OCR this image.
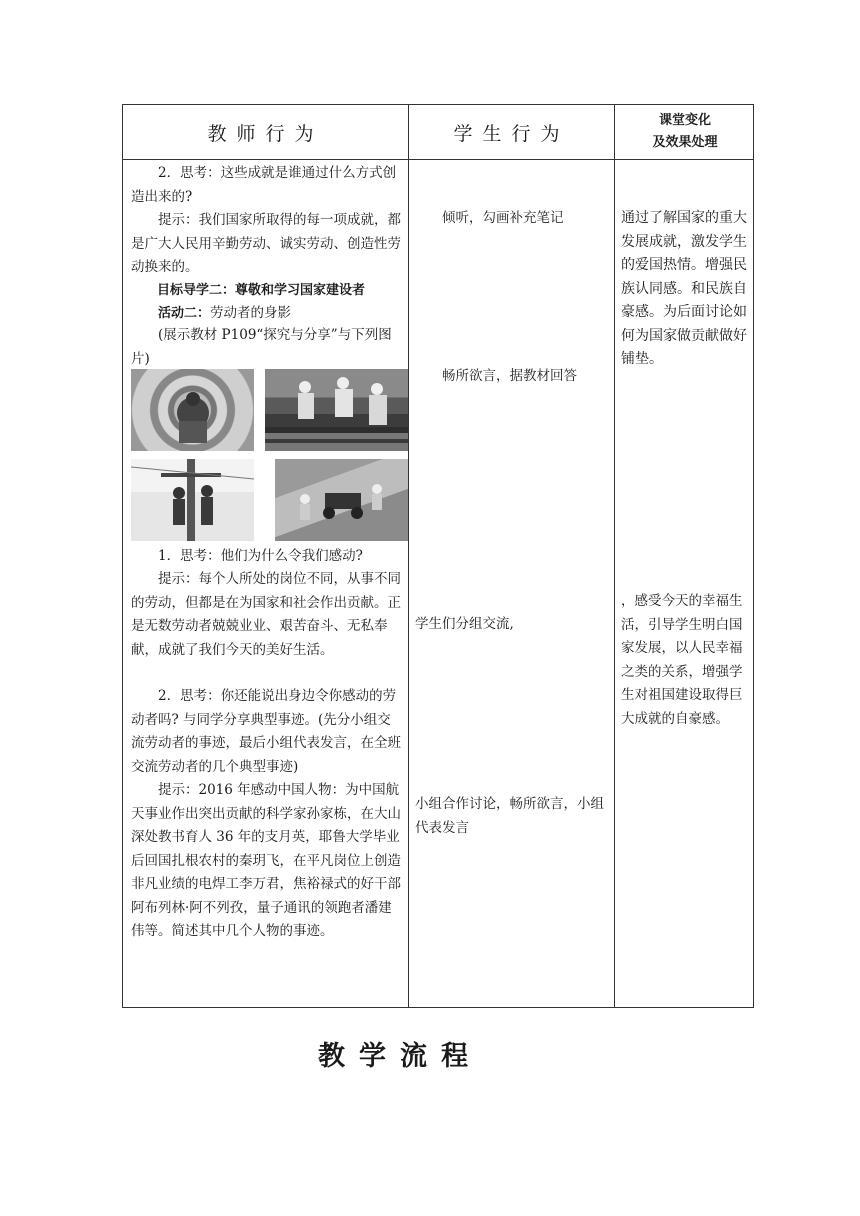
教师行为	学生行为
课堂变化
及效果处理
2．思考：这些成就是谁通过什么方式创造出来的?
提示：我们国家所取得的每一项成就，都是广大人民用辛勤劳动、诚实劳动、创造性劳动换来的。
目标导学二：尊敬和学习国家建设者
活动二：劳动者的身影
(展示教材 P109“探究与分享”与下列图片)
1．思考：他们为什么令我们感动?
提示：每个人所处的岗位不同，从事不同的劳动，但都是在为国家和社会作出贡献。正是无数劳动者兢兢业业、艰苦奋斗、无私奉献，成就了我们今天的美好生活。
2．思考：你还能说出身边令你感动的劳动者吗? 与同学分享典型事迹。(先分小组交流劳动者的事迹，最后小组代表发言，在全班交流劳动者的几个典型事迹)
提示：2016 年感动中国人物：为中国航天事业作出突出贡献的科学家孙家栋，在大山深处教书育人 36 年的支月英，耶鲁大学毕业后回国扎根农村的秦玥飞，在平凡岗位上创造非凡业绩的电焊工李万君，焦裕禄式的好干部阿布列林·阿不列孜，量子通讯的领跑者潘建伟等。简述其中几个人物的事迹。
倾听，勾画补充笔记
畅所欲言，据教材回答
学生们分组交流,
小组合作讨论，畅所欲言，小组代表发言
通过了解国家的重大发展成就，激发学生的爱国热情。增强民族认同感。和民族自豪感。为后面讨论如何为国家做贡献做好铺垫。
，感受今天的幸福生活，引导学生明白国家发展，以人民幸福之类的关系，增强学生对祖国建设取得巨大成就的自豪感。
教学流程
